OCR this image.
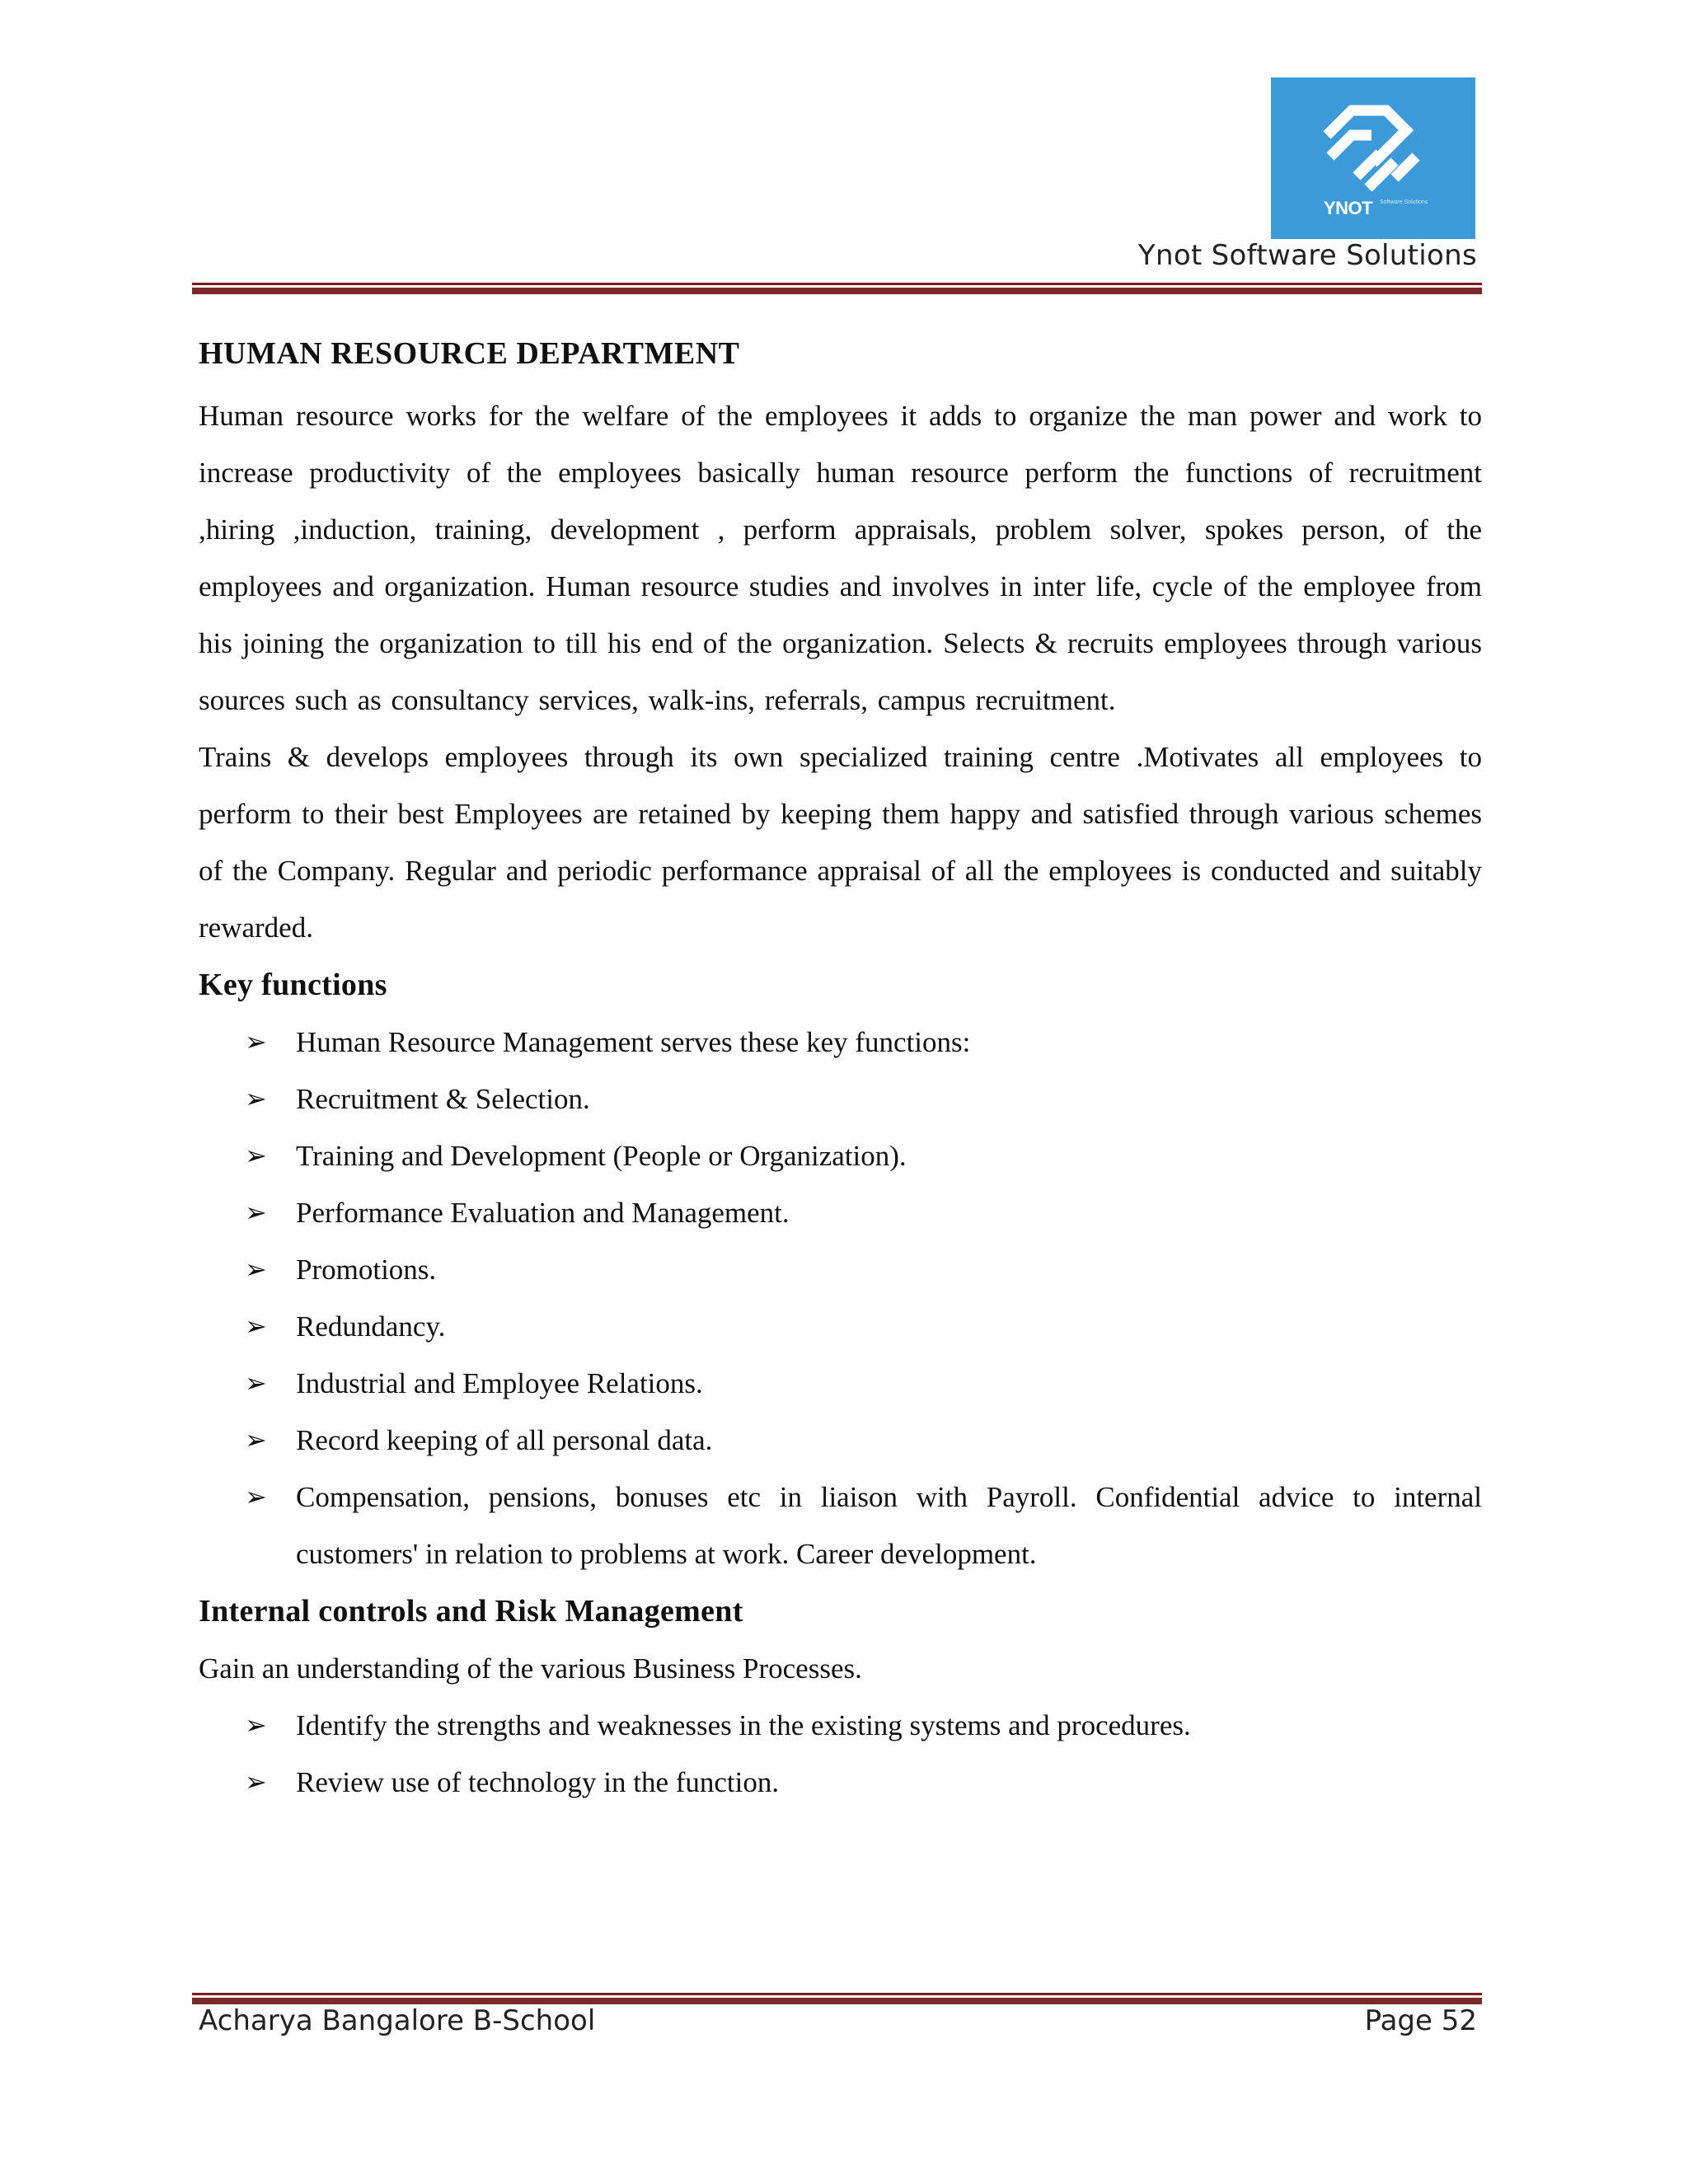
YNOT Software Solutions
Ynot Software Solutions
HUMAN RESOURCE DEPARTMENT

Human resource works for the welfare of the employees it adds to organize the man power and work to increase productivity of the employees basically human resource perform the functions of recruitment ,hiring ,induction, training, development , perform appraisals, problem solver, spokes person, of the employees and organization. Human resource studies and involves in inter life, cycle of the employee from his joining the organization to till his end of the organization. Selects & recruits employees through various sources such as consultancy services, walk-ins, referrals, campus recruitment.

Trains & develops employees through its own specialized training centre .Motivates all employees to perform to their best Employees are retained by keeping them happy and satisfied through various schemes of the Company. Regular and periodic performance appraisal of all the employees is conducted and suitably rewarded.

Key functions
➢ Human Resource Management serves these key functions:
➢ Recruitment & Selection.
➢ Training and Development (People or Organization).
➢ Performance Evaluation and Management.
➢ Promotions.
➢ Redundancy.
➢ Industrial and Employee Relations.
➢ Record keeping of all personal data.
➢ Compensation, pensions, bonuses etc in liaison with Payroll. Confidential advice to internal customers' in relation to problems at work. Career development.
Internal controls and Risk Management

Gain an understanding of the various Business Processes.

➢ Identify the strengths and weaknesses in the existing systems and procedures.
➢ Review use of technology in the function.
Acharya Bangalore B-School	Page 52
